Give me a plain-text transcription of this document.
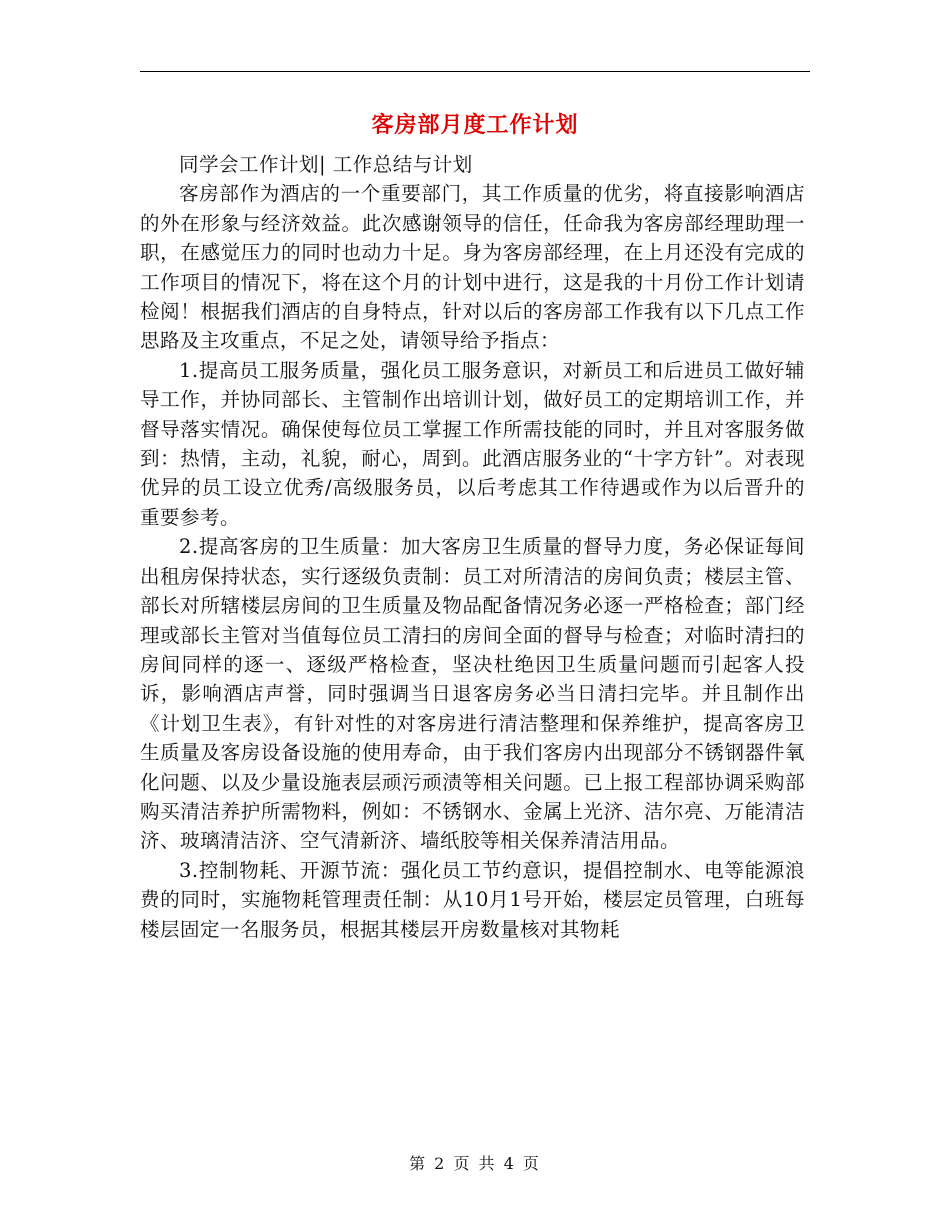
客房部月度工作计划

同学会工作计划| 工作总结与计划

客房部作为酒店的一个重要部门，其工作质量的优劣，将直接影响酒店的外在形象与经济效益。此次感谢领导的信任，任命我为客房部经理助理一职，在感觉压力的同时也动力十足。身为客房部经理，在上月还没有完成的工作项目的情况下，将在这个月的计划中进行，这是我的十月份工作计划请检阅！根据我们酒店的自身特点，针对以后的客房部工作我有以下几点工作思路及主攻重点，不足之处，请领导给予指点：

1.提高员工服务质量，强化员工服务意识，对新员工和后进员工做好辅导工作，并协同部长、主管制作出培训计划，做好员工的定期培训工作，并督导落实情况。确保使每位员工掌握工作所需技能的同时，并且对客服务做到：热情，主动，礼貌，耐心，周到。此酒店服务业的“十字方针”。对表现优异的员工设立优秀/高级服务员，以后考虑其工作待遇或作为以后晋升的重要参考。

2.提高客房的卫生质量：加大客房卫生质量的督导力度，务必保证每间出租房保持状态，实行逐级负责制：员工对所清洁的房间负责；楼层主管、部长对所辖楼层房间的卫生质量及物品配备情况务必逐一严格检查；部门经理或部长主管对当值每位员工清扫的房间全面的督导与检查；对临时清扫的房间同样的逐一、逐级严格检查，坚决杜绝因卫生质量问题而引起客人投诉，影响酒店声誉，同时强调当日退客房务必当日清扫完毕。并且制作出《计划卫生表》，有针对性的对客房进行清洁整理和保养维护，提高客房卫生质量及客房设备设施的使用寿命，由于我们客房内出现部分不锈钢器件氧化问题、以及少量设施表层顽污顽渍等相关问题。已上报工程部协调采购部购买清洁养护所需物料，例如：不锈钢水、金属上光济、洁尔亮、万能清洁济、玻璃清洁济、空气清新济、墙纸胶等相关保养清洁用品。

3.控制物耗、开源节流：强化员工节约意识，提倡控制水、电等能源浪费的同时，实施物耗管理责任制：从10月1号开始，楼层定员管理，白班每楼层固定一名服务员，根据其楼层开房数量核对其物耗

第 2 页 共 4 页
